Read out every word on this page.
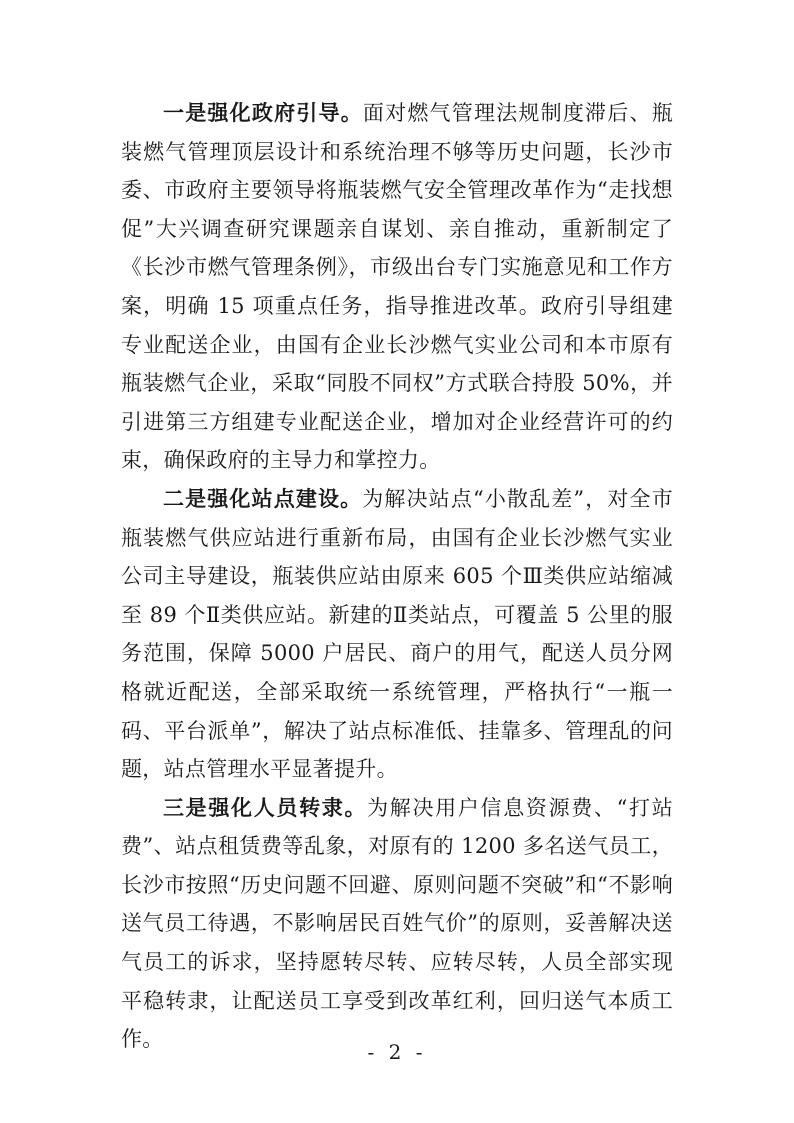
一是强化政府引导。面对燃气管理法规制度滞后、瓶装燃气管理顶层设计和系统治理不够等历史问题，长沙市委、市政府主要领导将瓶装燃气安全管理改革作为“走找想促”大兴调查研究课题亲自谋划、亲自推动，重新制定了《长沙市燃气管理条例》，市级出台专门实施意见和工作方案，明确 15 项重点任务，指导推进改革。政府引导组建专业配送企业，由国有企业长沙燃气实业公司和本市原有瓶装燃气企业，采取“同股不同权”方式联合持股 50%，并引进第三方组建专业配送企业，增加对企业经营许可的约束，确保政府的主导力和掌控力。

二是强化站点建设。为解决站点“小散乱差”，对全市瓶装燃气供应站进行重新布局，由国有企业长沙燃气实业公司主导建设，瓶装供应站由原来 605 个Ⅲ类供应站缩减至 89 个Ⅱ类供应站。新建的Ⅱ类站点，可覆盖 5 公里的服务范围，保障 5000 户居民、商户的用气，配送人员分网格就近配送，全部采取统一系统管理，严格执行“一瓶一码、平台派单”，解决了站点标准低、挂靠多、管理乱的问题，站点管理水平显著提升。

三是强化人员转隶。为解决用户信息资源费、“打站费”、站点租赁费等乱象，对原有的 1200 多名送气员工，长沙市按照“历史问题不回避、原则问题不突破”和“不影响送气员工待遇，不影响居民百姓气价”的原则，妥善解决送气员工的诉求，坚持愿转尽转、应转尽转，人员全部实现平稳转隶，让配送员工享受到改革红利，回归送气本质工作。

- 2 -
